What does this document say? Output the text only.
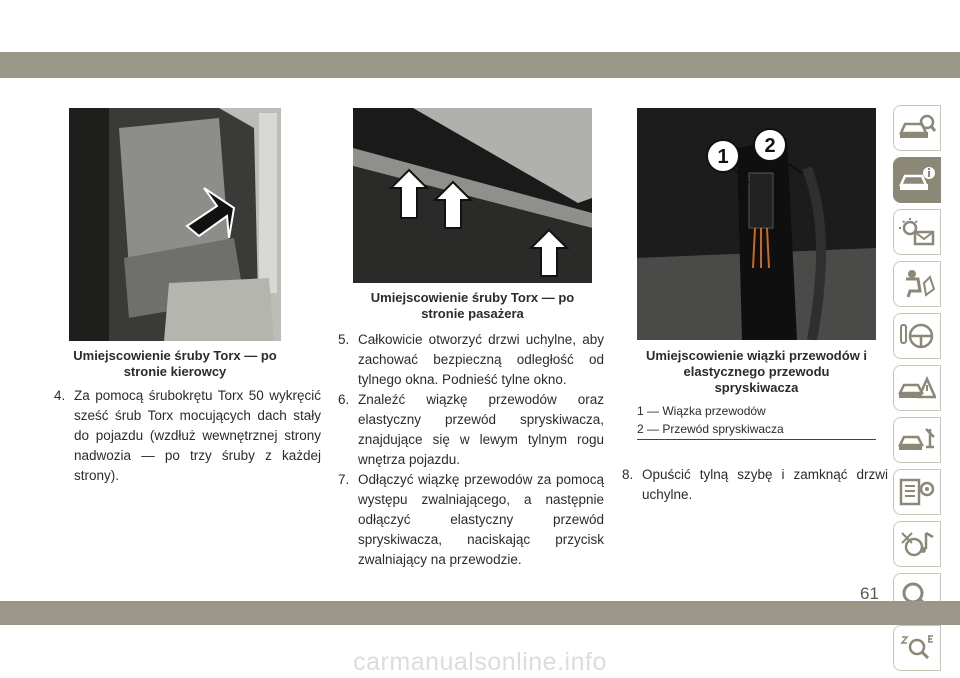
Umiejscowienie śruby Torx — po stronie kierowcy
Umiejscowienie śruby Torx — po stronie pasażera
1 2
Umiejscowienie wiązki przewodów i elastycznego przewodu spryskiwacza
1 — Wiązka przewodów
2 — Przewód spryskiwacza
4. Za pomocą śrubokrętu Torx 50 wykręcić sześć śrub Torx mocujących dach stały do pojazdu (wzdłuż wewnętrznej strony nadwozia — po trzy śruby z każdej strony).
5. Całkowicie otworzyć drzwi uchylne, aby zachować bezpieczną odległość od tylnego okna. Podnieść tylne okno.
6. Znaleźć wiązkę przewodów oraz elastyczny przewód spryskiwacza, znajdujące się w lewym tylnym rogu wnętrza pojazdu.
7. Odłączyć wiązkę przewodów za pomocą występu zwalniającego, a następnie odłączyć elastyczny przewód spryskiwacza, naciskając przycisk zwalniający na przewodzie.
8. Opuścić tylną szybę i zamknąć drzwi uchylne.
61
carmanualsonline.info
